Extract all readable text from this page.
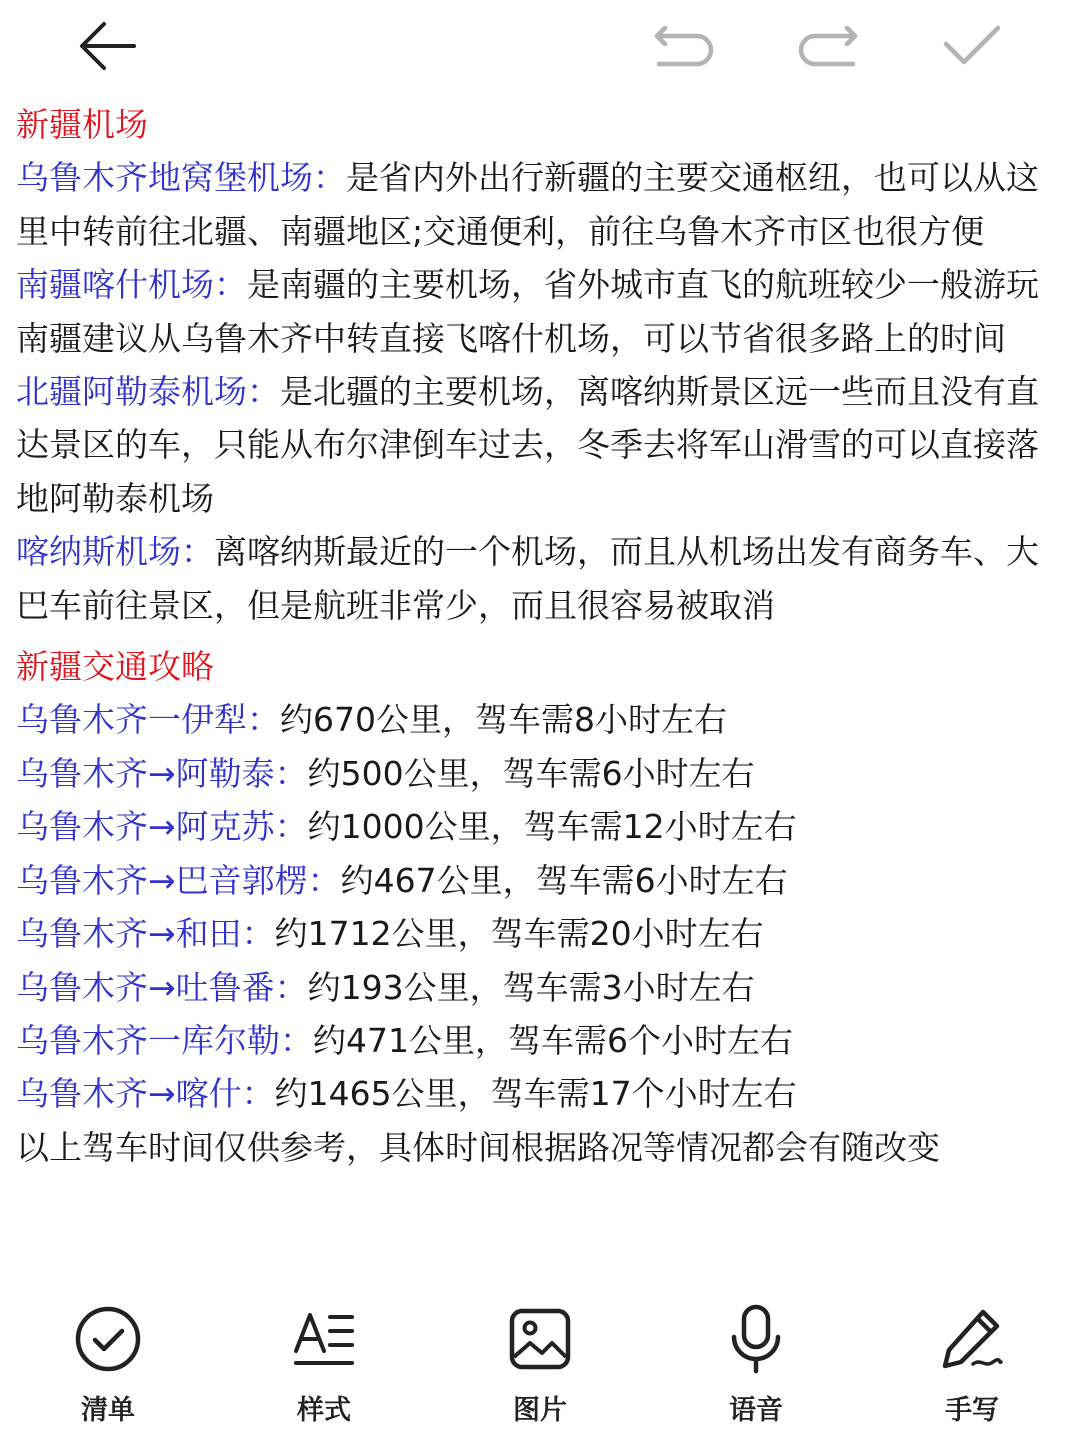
新疆机场

乌鲁木齐地窝堡机场：是省内外出行新疆的主要交通枢纽，也可以从这里中转前往北疆、南疆地区;交通便利，前往乌鲁木齐市区也很方便

南疆喀什机场：是南疆的主要机场，省外城市直飞的航班较少一般游玩南疆建议从乌鲁木齐中转直接飞喀什机场，可以节省很多路上的时间

北疆阿勒泰机场：是北疆的主要机场，离喀纳斯景区远一些而且没有直达景区的车，只能从布尔津倒车过去，冬季去将军山滑雪的可以直接落地阿勒泰机场

喀纳斯机场：离喀纳斯最近的一个机场，而且从机场出发有商务车、大巴车前往景区，但是航班非常少，而且很容易被取消

新疆交通攻略

乌鲁木齐一伊犁：约670公里，驾车需8小时左右

乌鲁木齐→阿勒泰：约500公里，驾车需6小时左右

乌鲁木齐→阿克苏：约1000公里，驾车需12小时左右

乌鲁木齐→巴音郭楞：约467公里，驾车需6小时左右

乌鲁木齐→和田：约1712公里，驾车需20小时左右

乌鲁木齐→吐鲁番：约193公里，驾车需3小时左右

乌鲁木齐一库尔勒：约471公里，驾车需6个小时左右

乌鲁木齐→喀什：约1465公里，驾车需17个小时左右

以上驾车时间仅供参考，具体时间根据路况等情况都会有随改变

清单	样式	图片	语音	手写
